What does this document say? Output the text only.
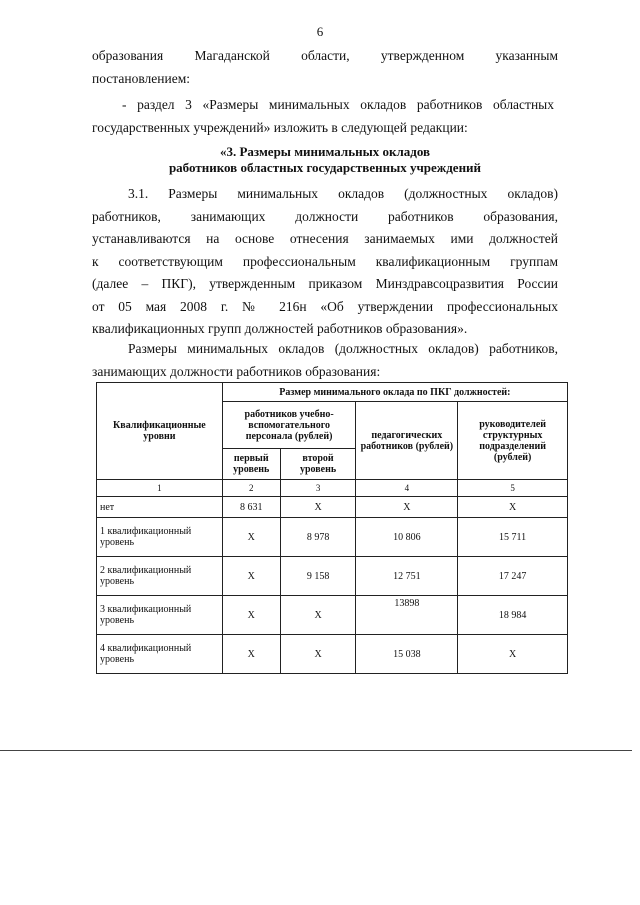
6
образования Магаданской области, утвержденном указанным
постановлением:
- раздел 3 «Размеры минимальных окладов работников областных
государственных учреждений» изложить в следующей редакции:
«3. Размеры минимальных окладов
работников областных государственных учреждений
3.1. Размеры минимальных окладов (должностных окладов)
работников, занимающих должности работников образования,
устанавливаются на основе отнесения занимаемых ими должностей
к соответствующим профессиональным квалификационным группам
(далее – ПКГ), утвержденным приказом Минздравсоцразвития России
от 05 мая 2008 г. № 216н «Об утверждении профессиональных
квалификационных групп должностей работников образования».
Размеры минимальных окладов (должностных окладов) работников,
занимающих должности работников образования:
Квалификационные уровни	Размер минимального оклада по ПКГ должностей:			
	работников учебно-вспомогательного персонала (рублей)		педагогических работников (рублей)	руководителей структурных подразделений (рублей)
	первый уровень	второй уровень		
1	2	3	4	5
нет	8 631	Х	Х	Х
1 квалификационный уровень	Х	8 978	10 806	15 711
2 квалификационный уровень	Х	9 158	12 751	17 247
3 квалификационный уровень	Х	Х	13898	18 984
4 квалификационный уровень	Х	Х	15 038	Х
